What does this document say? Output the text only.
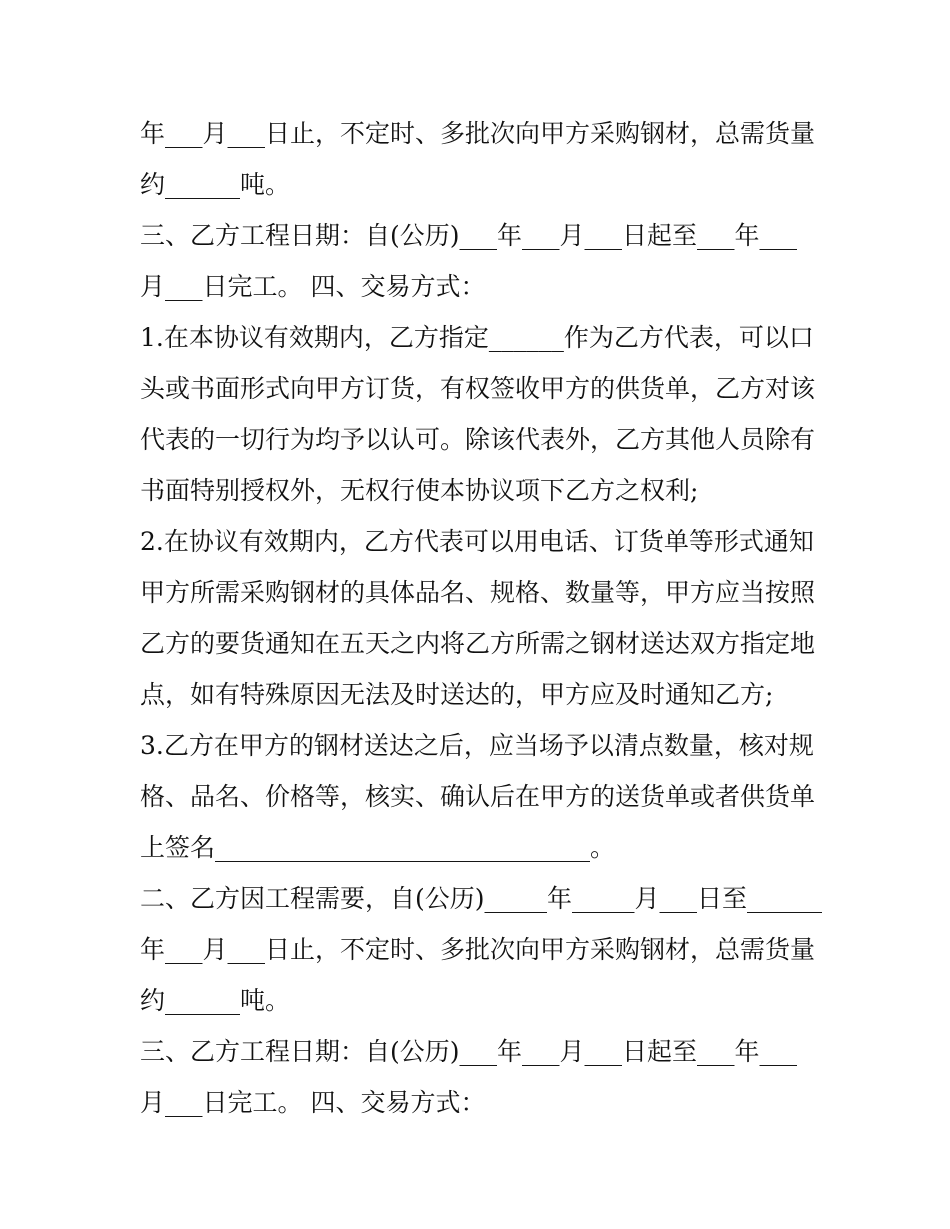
年___月___日止，不定时、多批次向甲方采购钢材，总需货量
约______吨。
三、乙方工程日期：自(公历)___年___月___日起至___年___
月___日完工。 四、交易方式：
1.在本协议有效期内，乙方指定______作为乙方代表，可以口
头或书面形式向甲方订货，有权签收甲方的供货单，乙方对该
代表的一切行为均予以认可。除该代表外，乙方其他人员除有
书面特别授权外，无权行使本协议项下乙方之权利;
2.在协议有效期内，乙方代表可以用电话、订货单等形式通知
甲方所需采购钢材的具体品名、规格、数量等，甲方应当按照
乙方的要货通知在五天之内将乙方所需之钢材送达双方指定地
点，如有特殊原因无法及时送达的，甲方应及时通知乙方;
3.乙方在甲方的钢材送达之后，应当场予以清点数量，核对规
格、品名、价格等，核实、确认后在甲方的送货单或者供货单
上签名______________________________。
二、乙方因工程需要，自(公历)_____年_____月___日至______
年___月___日止，不定时、多批次向甲方采购钢材，总需货量
约______吨。
三、乙方工程日期：自(公历)___年___月___日起至___年___
月___日完工。 四、交易方式：
